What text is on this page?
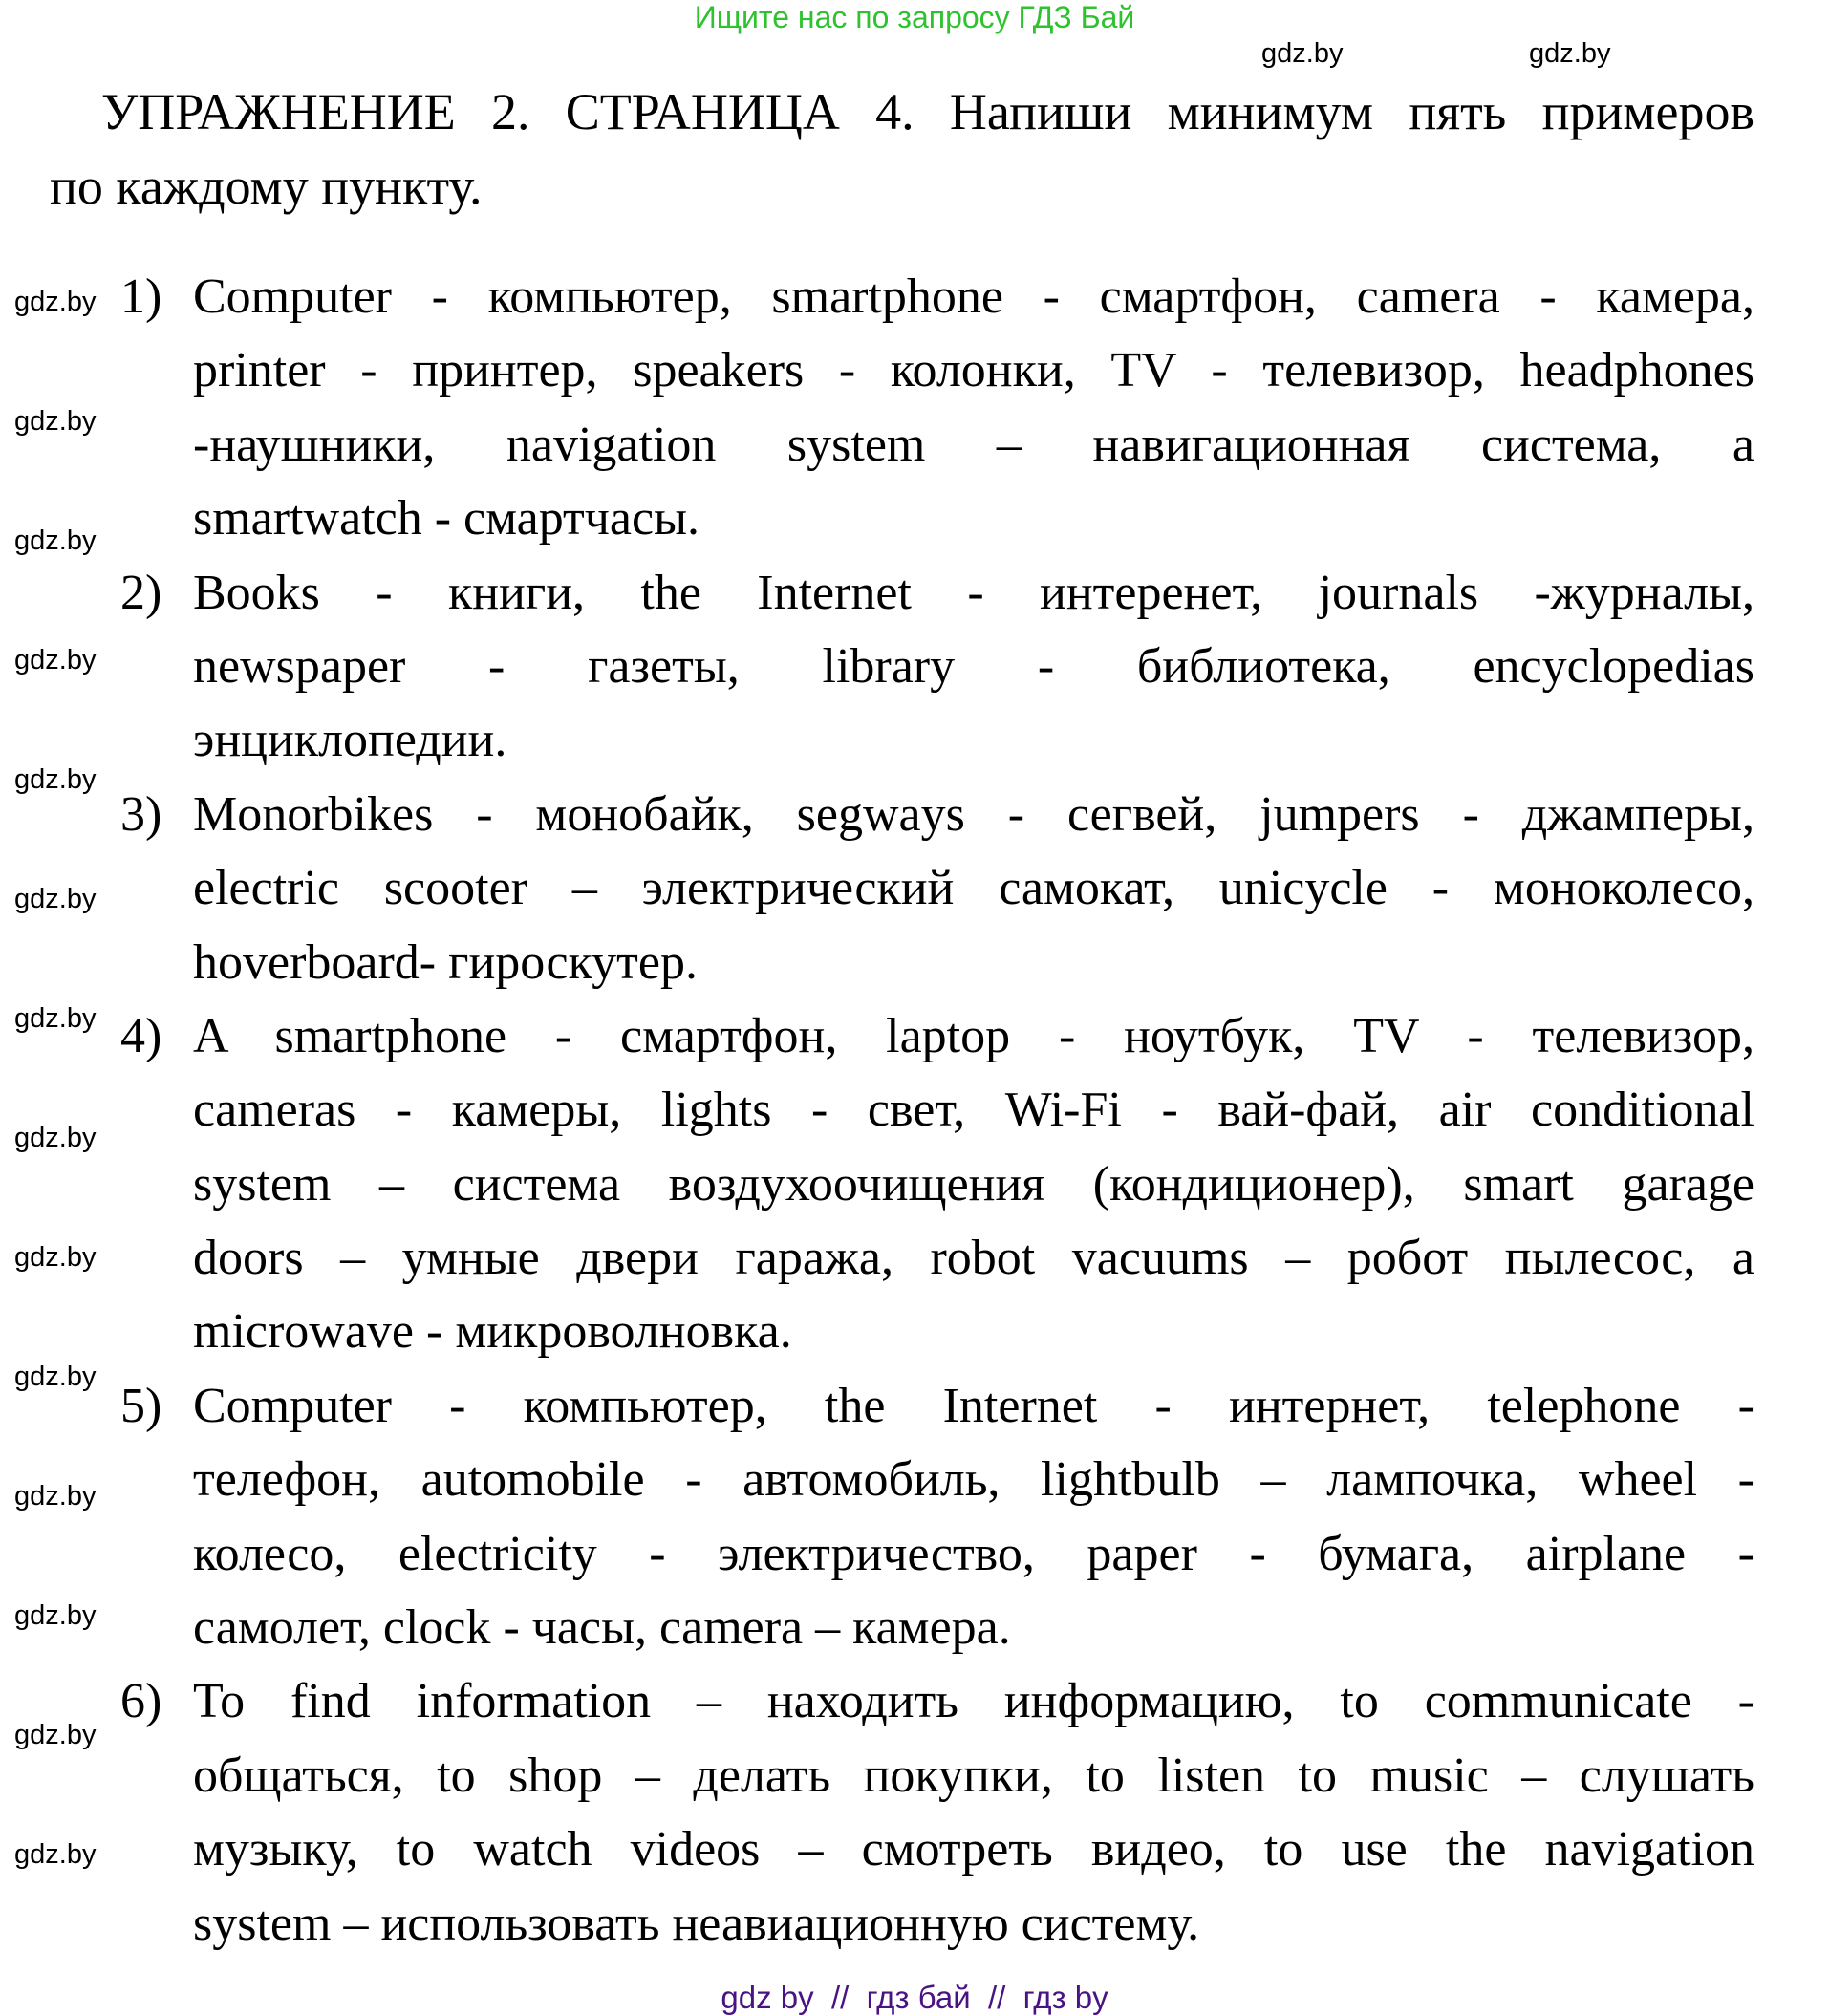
Ищите нас по запросу ГДЗ Бай
УПРАЖНЕНИЕ 2. СТРАНИЦА 4. Напиши минимум пять примеров
по каждому пункту.
1) Computer - компьютер, smartphone - смартфон, camera - камера,
printer - принтер, speakers - колонки, TV - телевизор, headphones
-наушники, navigation system – навигационная система, a
smartwatch - смартчасы.
2) Books - книги, the Internet - интеренет, journals -журналы,
newspaper - газеты, library - библиотека, encyclopedias
энциклопедии.
3) Monorbikes - монобайк, segways - сегвей, jumpers - джамперы,
electric scooter – электрический самокат, unicycle - моноколесо,
hoverboard- гироскутер.
4) A smartphone - смартфон, laptop - ноутбук, TV - телевизор,
cameras - камеры, lights - свет, Wi-Fi - вай-фай, air conditional
system – система воздухоочищения (кондиционер), smart garage
doors – умные двери гаража, robot vacuums – робот пылесос, a
microwave - микроволновка.
5) Computer - компьютер, the Internet - интернет, telephone -
телефон, automobile - автомобиль, lightbulb – лампочка, wheel -
колесо, electricity - электричество, paper - бумага, airplane -
самолет, clock - часы, camera – камера.
6) To find information – находить информацию, to communicate -
общаться, to shop – делать покупки, to listen to music – слушать
музыку, to watch videos – смотреть видео, to use the navigation
system – использовать неавиационную систему.
gdz.by	gdz.by
gdz.by
gdz.by
gdz.by
gdz.by
gdz.by
gdz.by
gdz.by
gdz.by
gdz.by
gdz.by
gdz.by
gdz.by
gdz.by
gdz.by
gdz by  //  гдз бай  //  гдз by
